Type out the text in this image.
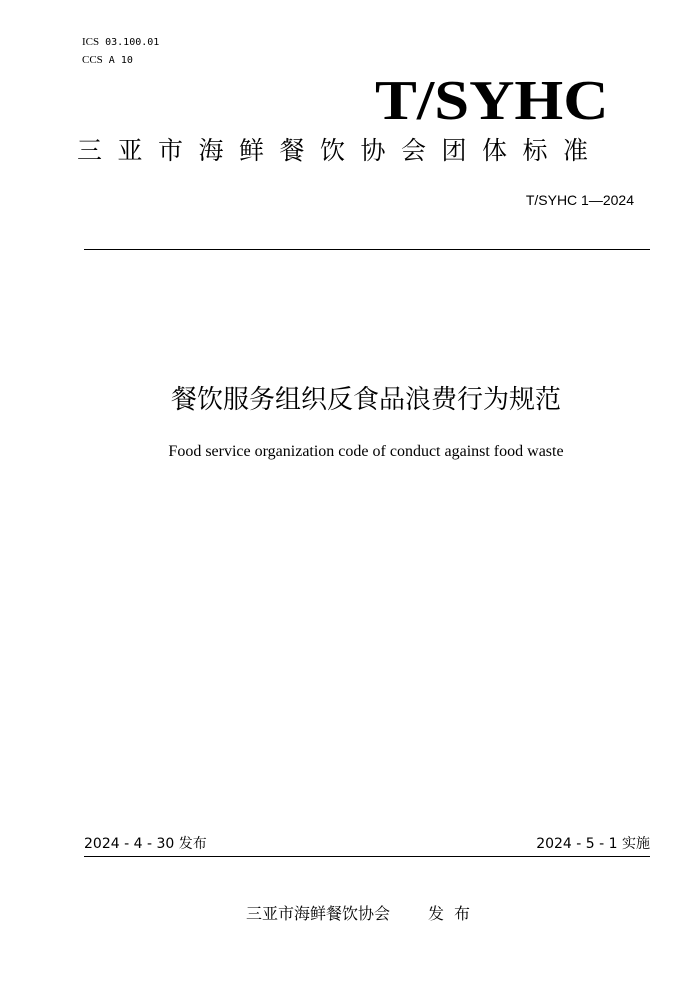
ICS 03.100.01
CCS A 10
T/SYHC
三亚市海鲜餐饮协会团体标准
T/SYHC 1—2024
餐饮服务组织反食品浪费行为规范
Food service organization code of conduct against food waste
2024 - 4 - 30 发布	2024 - 5 - 1 实施
三亚市海鲜餐饮协会 发布
